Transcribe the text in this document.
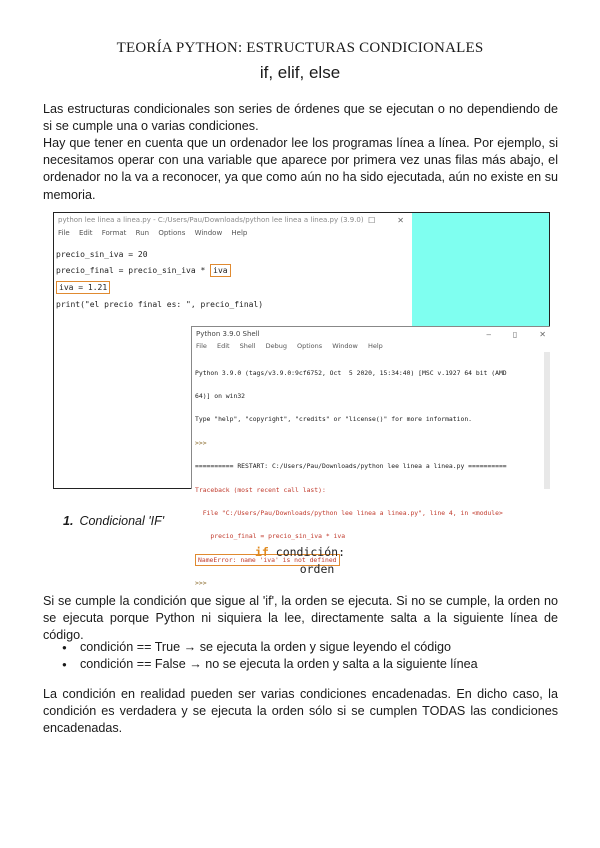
TEORÍA PYTHON: ESTRUCTURAS CONDICIONALES
if, elif, else

Las estructuras condicionales son series de órdenes que se ejecutan o no dependiendo de si se cumple una o varias condiciones.

Hay que tener en cuenta que un ordenador lee los programas línea a línea. Por ejemplo, si necesitamos operar con una variable que aparece por primera vez unas filas más abajo, el ordenador no la va a reconocer, ya que como aún no ha sido ejecutada, aún no existe en su memoria.

python lee linea a linea.py - C:/Users/Pau/Downloads/python lee linea a linea.py (3.9.0) ☐	✕
File Edit Format Run Options Window Help
precio_sin_iva = 20
precio_final = precio_sin_iva * iva
iva = 1.21
print("el precio final es: ", precio_final)
Python 3.9.0 Shell	–	▯	✕
File Edit Shell Debug Options Window Help

Python 3.9.0 (tags/v3.9.0:9cf6752, Oct  5 2020, 15:34:40) [MSC v.1927 64 bit (AMD

64)] on win32

Type "help", "copyright", "credits" or "license()" for more information.

>>>

========== RESTART: C:/Users/Pau/Downloads/python lee linea a linea.py ==========

Traceback (most recent call last):

File "C:/Users/Pau/Downloads/python lee linea a linea.py", line 4, in <module>

precio_final = precio_sin_iva * iva

NameError: name 'iva' is not defined

>>>

1. Condicional 'IF'
if condición:
orden

Si se cumple la condición que sigue al 'if', la orden se ejecuta. Si no se cumple, la orden no se ejecuta porque Python ni siquiera la lee, directamente salta a la siguiente línea de código.

● condición == True → se ejecuta la orden y sigue leyendo el código
● condición == False → no se ejecuta la orden y salta a la siguiente línea

La condición en realidad pueden ser varias condiciones encadenadas. En dicho caso, la condición es verdadera y se ejecuta la orden sólo si se cumplen TODAS las condiciones encadenadas.
